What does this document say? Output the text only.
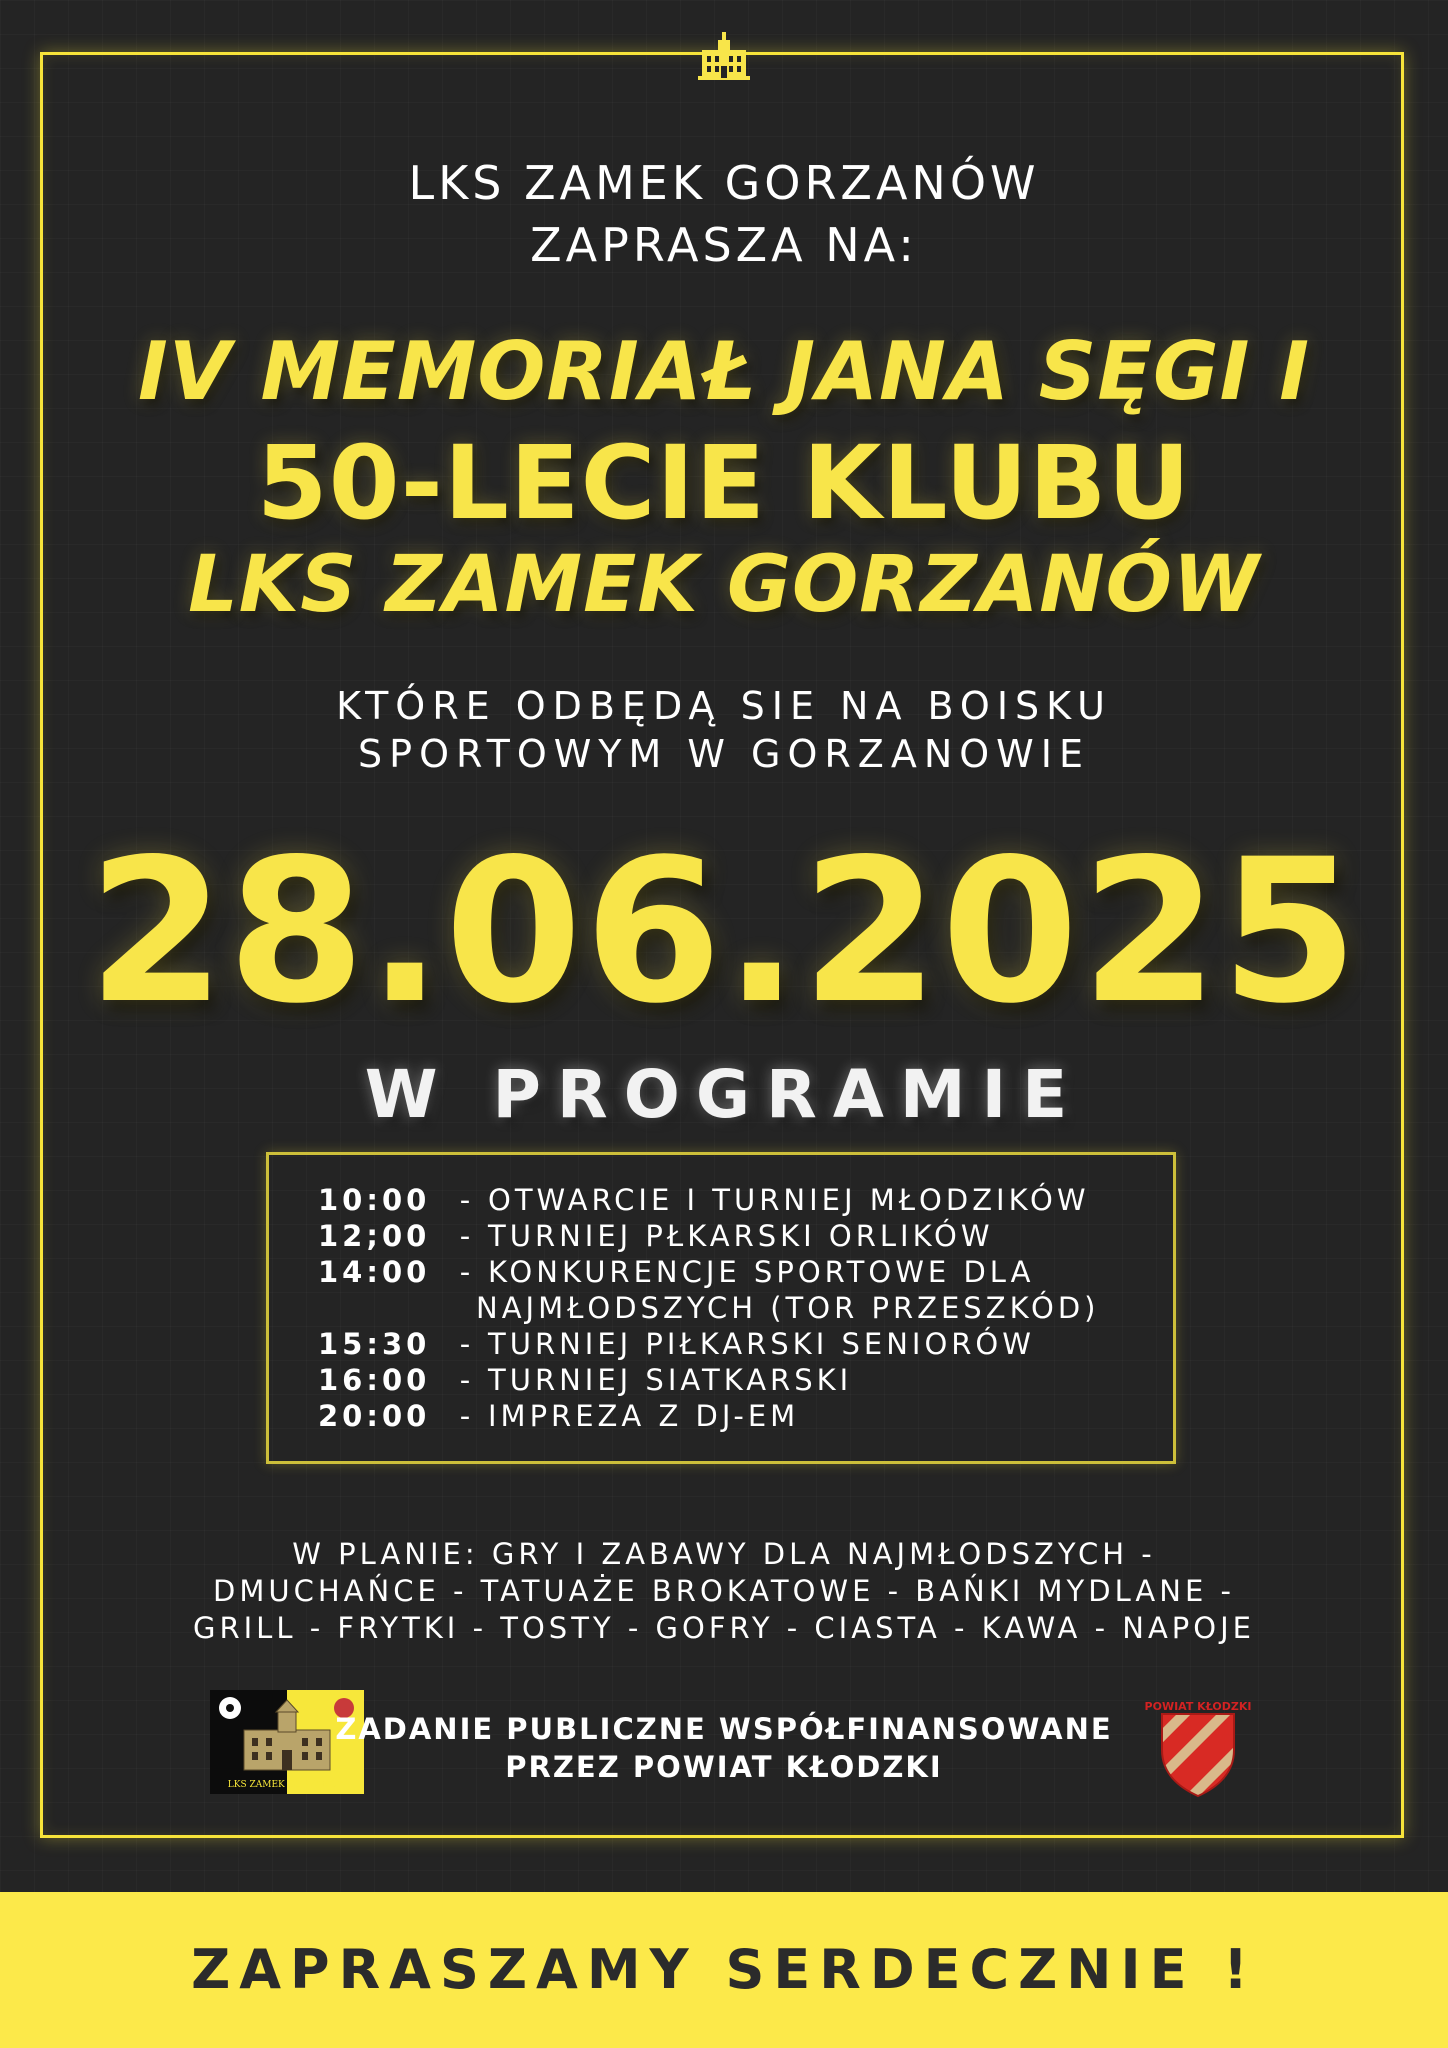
LKS ZAMEK GORZANÓW
ZAPRASZA NA:
IV MEMORIAŁ JANA SĘGI I
50-LECIE KLUBU
LKS ZAMEK GORZANÓW
KTÓRE ODBĘDĄ SIE NA BOISKU
SPORTOWYM W GORZANOWIE
28.06.2025
W PROGRAMIE
10:00 - OTWARCIE I TURNIEJ MŁODZIKÓW
12;00 - TURNIEJ PŁKARSKI ORLIKÓW
14:00 - KONKURENCJE SPORTOWE DLA
NAJMŁODSZYCH (TOR PRZESZKÓD)
15:30 - TURNIEJ PIŁKARSKI SENIORÓW
16:00 - TURNIEJ SIATKARSKI
20:00 - IMPREZA Z DJ-EM
W PLANIE: GRY I ZABAWY DLA NAJMŁODSZYCH -
DMUCHAŃCE - TATUAŻE BROKATOWE - BAŃKI MYDLANE -
GRILL - FRYTKI - TOSTY - GOFRY - CIASTA - KAWA - NAPOJE
LKS ZAMEK GORZANÓW
ZADANIE PUBLICZNE WSPÓŁFINANSOWANE
PRZEZ POWIAT KŁODZKI
POWIAT KŁODZKI
ZAPRASZAMY SERDECZNIE !
